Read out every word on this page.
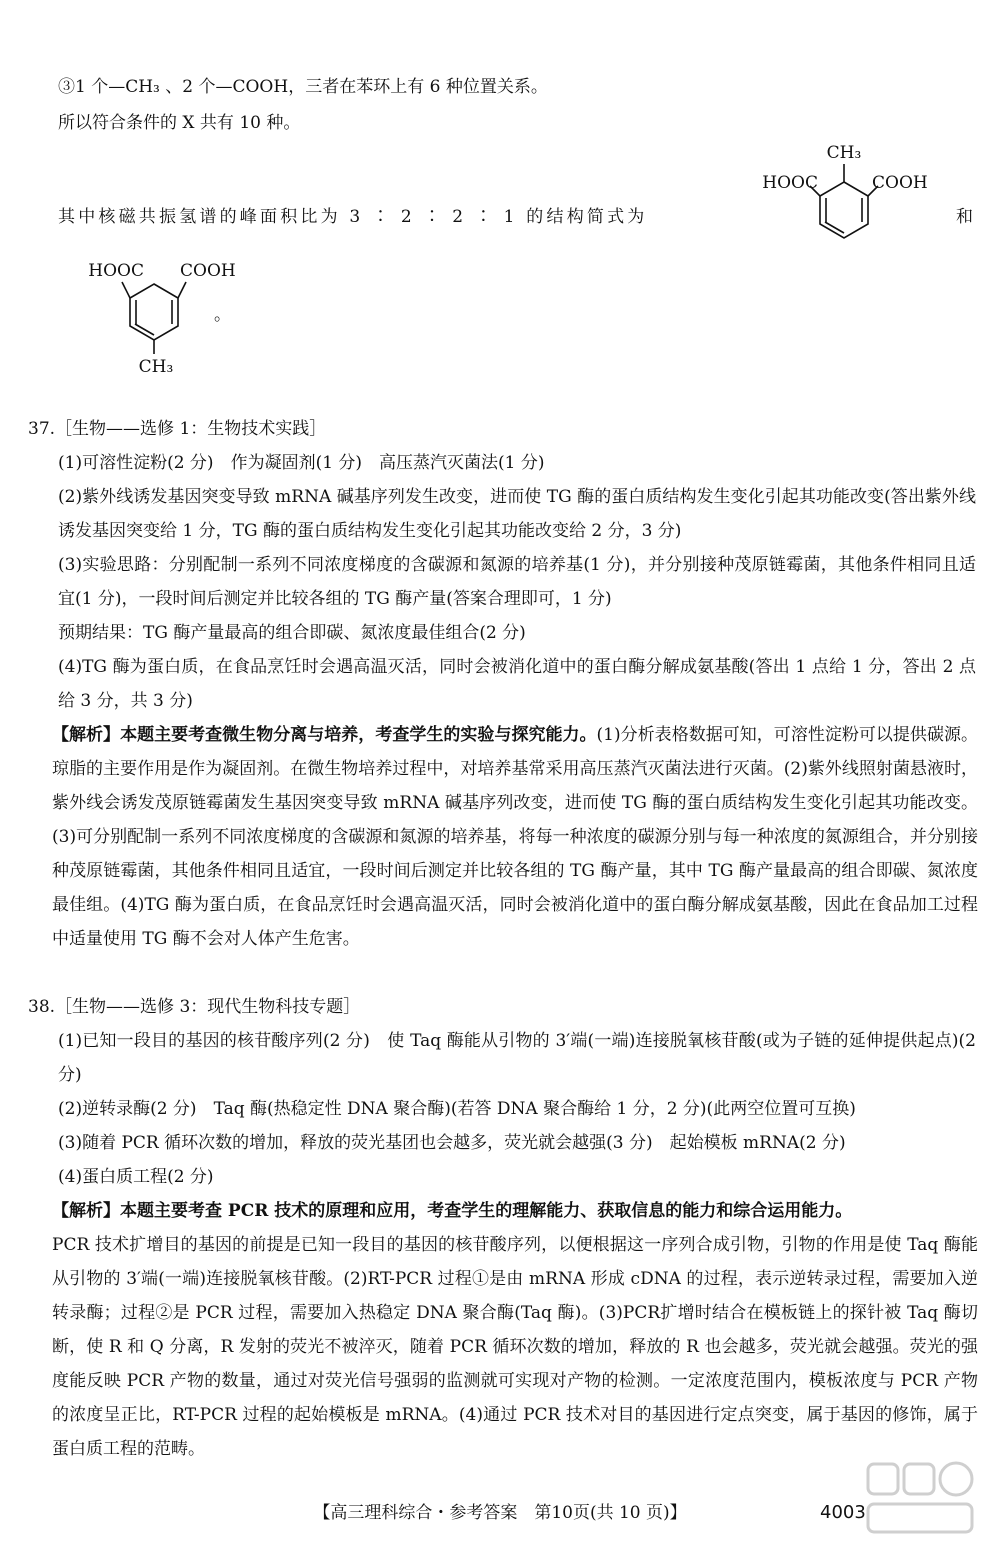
③1 个—CH₃ 、2 个—COOH，三者在苯环上有 6 种位置关系。
所以符合条件的 X 共有 10 种。
其中核磁共振氢谱的峰面积比为 3 ∶ 2 ∶ 2 ∶ 1 的结构简式为
CH₃
HOOC	COOH
和
HOOC COOH
CH₃
。
37.［生物——选修 1：生物技术实践］
(1)可溶性淀粉(2 分)　作为凝固剂(1 分)　高压蒸汽灭菌法(1 分)
(2)紫外线诱发基因突变导致 mRNA 碱基序列发生改变，进而使 TG 酶的蛋白质结构发生变化引起其功能改变(答出紫外线诱发基因突变给 1 分，TG 酶的蛋白质结构发生变化引起其功能改变给 2 分，3 分)
(3)实验思路：分别配制一系列不同浓度梯度的含碳源和氮源的培养基(1 分)，并分别接种茂原链霉菌，其他条件相同且适宜(1 分)，一段时间后测定并比较各组的 TG 酶产量(答案合理即可，1 分)
预期结果：TG 酶产量最高的组合即碳、氮浓度最佳组合(2 分)
(4)TG 酶为蛋白质，在食品烹饪时会遇高温灭活，同时会被消化道中的蛋白酶分解成氨基酸(答出 1 点给 1 分，答出 2 点给 3 分，共 3 分)
【解析】本题主要考查微生物分离与培养，考查学生的实验与探究能力。(1)分析表格数据可知，可溶性淀粉可以提供碳源。琼脂的主要作用是作为凝固剂。在微生物培养过程中，对培养基常采用高压蒸汽灭菌法进行灭菌。(2)紫外线照射菌悬液时，紫外线会诱发茂原链霉菌发生基因突变导致 mRNA 碱基序列改变，进而使 TG 酶的蛋白质结构发生变化引起其功能改变。(3)可分别配制一系列不同浓度梯度的含碳源和氮源的培养基，将每一种浓度的碳源分别与每一种浓度的氮源组合，并分别接种茂原链霉菌，其他条件相同且适宜，一段时间后测定并比较各组的 TG 酶产量，其中 TG 酶产量最高的组合即碳、氮浓度最佳组。(4)TG 酶为蛋白质，在食品烹饪时会遇高温灭活，同时会被消化道中的蛋白酶分解成氨基酸，因此在食品加工过程中适量使用 TG 酶不会对人体产生危害。
38.［生物——选修 3：现代生物科技专题］
(1)已知一段目的基因的核苷酸序列(2 分)　使 Taq 酶能从引物的 3′端(一端)连接脱氧核苷酸(或为子链的延伸提供起点)(2 分)
(2)逆转录酶(2 分)　Taq 酶(热稳定性 DNA 聚合酶)(若答 DNA 聚合酶给 1 分，2 分)(此两空位置可互换)
(3)随着 PCR 循环次数的增加，释放的荧光基团也会越多，荧光就会越强(3 分)　起始模板 mRNA(2 分)
(4)蛋白质工程(2 分)
【解析】本题主要考查 PCR 技术的原理和应用，考查学生的理解能力、获取信息的能力和综合运用能力。
PCR 技术扩增目的基因的前提是已知一段目的基因的核苷酸序列，以便根据这一序列合成引物，引物的作用是使 Taq 酶能从引物的 3′端(一端)连接脱氧核苷酸。(2)RT-PCR 过程①是由 mRNA 形成 cDNA 的过程，表示逆转录过程，需要加入逆转录酶；过程②是 PCR 过程，需要加入热稳定 DNA 聚合酶(Taq 酶)。(3)PCR扩增时结合在模板链上的探针被 Taq 酶切断，使 R 和 Q 分离，R 发射的荧光不被淬灭，随着 PCR 循环次数的增加，释放的 R 也会越多，荧光就会越强。荧光的强度能反映 PCR 产物的数量，通过对荧光信号强弱的监测就可实现对产物的检测。一定浓度范围内，模板浓度与 PCR 产物的浓度呈正比，RT-PCR 过程的起始模板是 mRNA。(4)通过 PCR 技术对目的基因进行定点突变，属于基因的修饰，属于蛋白质工程的范畴。
【高三理科综合・参考答案　第10页(共 10 页)】	4003
